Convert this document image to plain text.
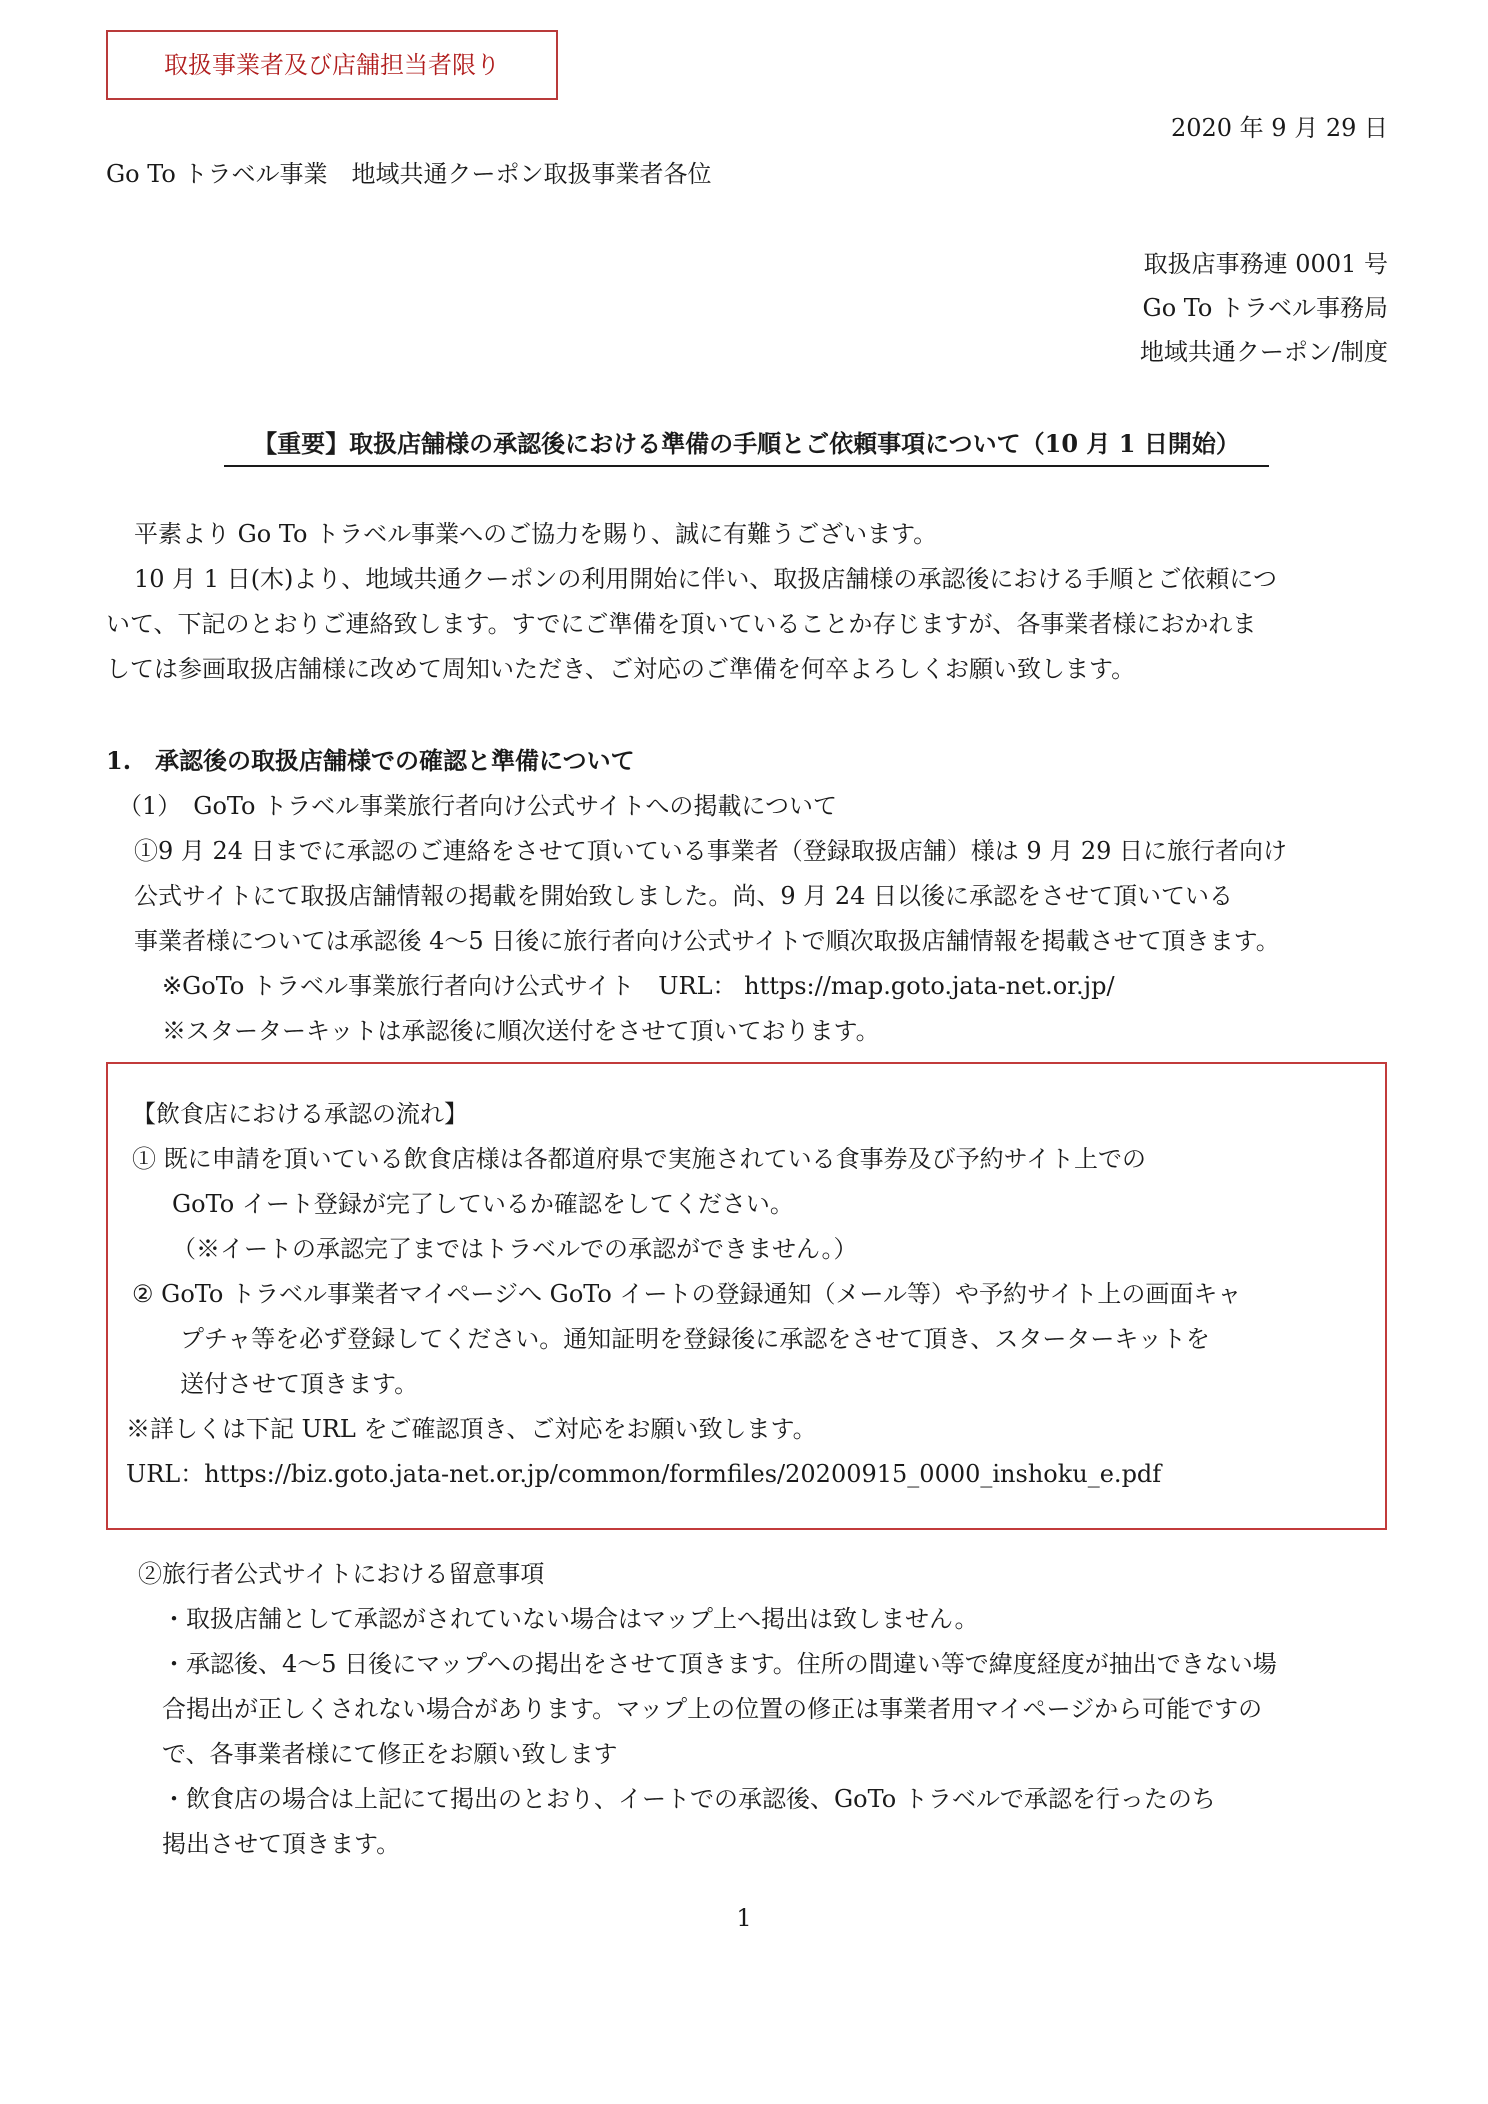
取扱事業者及び店舗担当者限り
2020 年 9 月 29 日
Go To トラベル事業　地域共通クーポン取扱事業者各位
取扱店事務連 0001 号
Go To トラベル事務局
地域共通クーポン/制度
【重要】取扱店舗様の承認後における準備の手順とご依頼事項について（10 月 1 日開始）
平素より Go To トラベル事業へのご協力を賜り、誠に有難うございます。
10 月 1 日(木)より、地域共通クーポンの利用開始に伴い、取扱店舗様の承認後における手順とご依頼につ
いて、下記のとおりご連絡致します。すでにご準備を頂いていることか存じますが、各事業者様におかれま
しては参画取扱店舗様に改めて周知いただき、ご対応のご準備を何卒よろしくお願い致します。
1.　承認後の取扱店舗様での確認と準備について
（1）　GoTo トラベル事業旅行者向け公式サイトへの掲載について
①9 月 24 日までに承認のご連絡をさせて頂いている事業者（登録取扱店舗）様は 9 月 29 日に旅行者向け
公式サイトにて取扱店舗情報の掲載を開始致しました。尚、9 月 24 日以後に承認をさせて頂いている
事業者様については承認後 4〜5 日後に旅行者向け公式サイトで順次取扱店舗情報を掲載させて頂きます。
※GoTo トラベル事業旅行者向け公式サイト　URL： https://map.goto.jata-net.or.jp/
※スターターキットは承認後に順次送付をさせて頂いております。
【飲食店における承認の流れ】
① 既に申請を頂いている飲食店様は各都道府県で実施されている食事券及び予約サイト上での
GoTo イート登録が完了しているか確認をしてください。
（※イートの承認完了まではトラベルでの承認ができません。）
② GoTo トラベル事業者マイページへ GoTo イートの登録通知（メール等）や予約サイト上の画面キャ
プチャ等を必ず登録してください。通知証明を登録後に承認をさせて頂き、スターターキットを
送付させて頂きます。
※詳しくは下記 URL をご確認頂き、ご対応をお願い致します。
URL：https://biz.goto.jata-net.or.jp/common/formfiles/20200915_0000_inshoku_e.pdf
②旅行者公式サイトにおける留意事項
・取扱店舗として承認がされていない場合はマップ上へ掲出は致しません。
・承認後、4〜5 日後にマップへの掲出をさせて頂きます。住所の間違い等で緯度経度が抽出できない場
合掲出が正しくされない場合があります。マップ上の位置の修正は事業者用マイページから可能ですの
で、各事業者様にて修正をお願い致します
・飲食店の場合は上記にて掲出のとおり、イートでの承認後、GoTo トラベルで承認を行ったのち
掲出させて頂きます。
1
